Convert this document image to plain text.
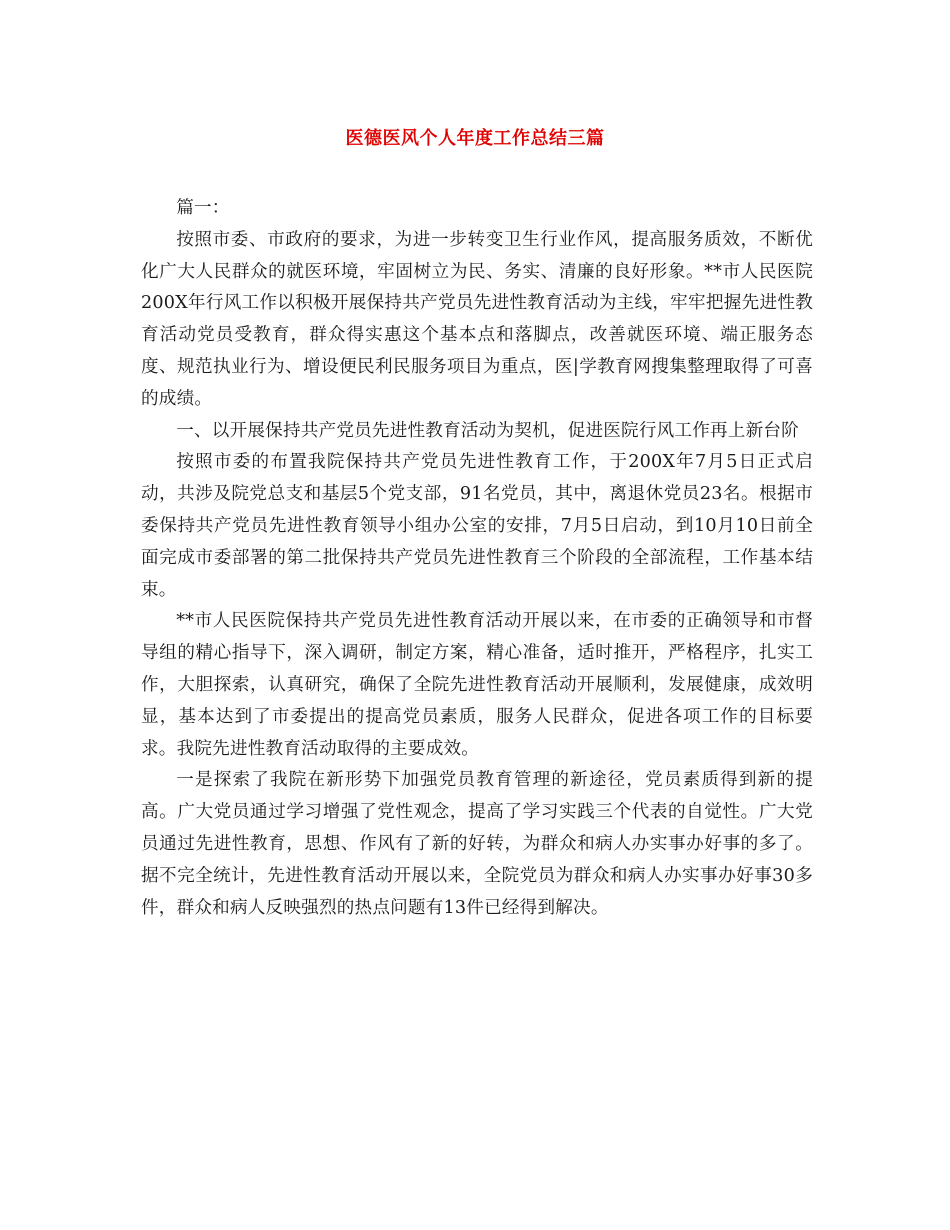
医德医风个人年度工作总结三篇

篇一：

按照市委、市政府的要求，为进一步转变卫生行业作风，提高服务质效，不断优化广大人民群众的就医环境，牢固树立为民、务实、清廉的良好形象。**市人民医院200X年行风工作以积极开展保持共产党员先进性教育活动为主线，牢牢把握先进性教育活动党员受教育，群众得实惠这个基本点和落脚点，改善就医环境、端正服务态度、规范执业行为、增设便民利民服务项目为重点，医|学教育网搜集整理取得了可喜的成绩。

一、以开展保持共产党员先进性教育活动为契机，促进医院行风工作再上新台阶

按照市委的布置我院保持共产党员先进性教育工作，于200X年7月5日正式启动，共涉及院党总支和基层5个党支部，91名党员，其中，离退休党员23名。根据市委保持共产党员先进性教育领导小组办公室的安排，7月5日启动，到10月10日前全面完成市委部署的第二批保持共产党员先进性教育三个阶段的全部流程，工作基本结束。

**市人民医院保持共产党员先进性教育活动开展以来，在市委的正确领导和市督导组的精心指导下，深入调研，制定方案，精心准备，适时推开，严格程序，扎实工作，大胆探索，认真研究，确保了全院先进性教育活动开展顺利，发展健康，成效明显，基本达到了市委提出的提高党员素质，服务人民群众，促进各项工作的目标要求。我院先进性教育活动取得的主要成效。

一是探索了我院在新形势下加强党员教育管理的新途径，党员素质得到新的提高。广大党员通过学习增强了党性观念，提高了学习实践三个代表的自觉性。广大党员通过先进性教育，思想、作风有了新的好转，为群众和病人办实事办好事的多了。据不完全统计，先进性教育活动开展以来，全院党员为群众和病人办实事办好事30多件，群众和病人反映强烈的热点问题有13件已经得到解决。
